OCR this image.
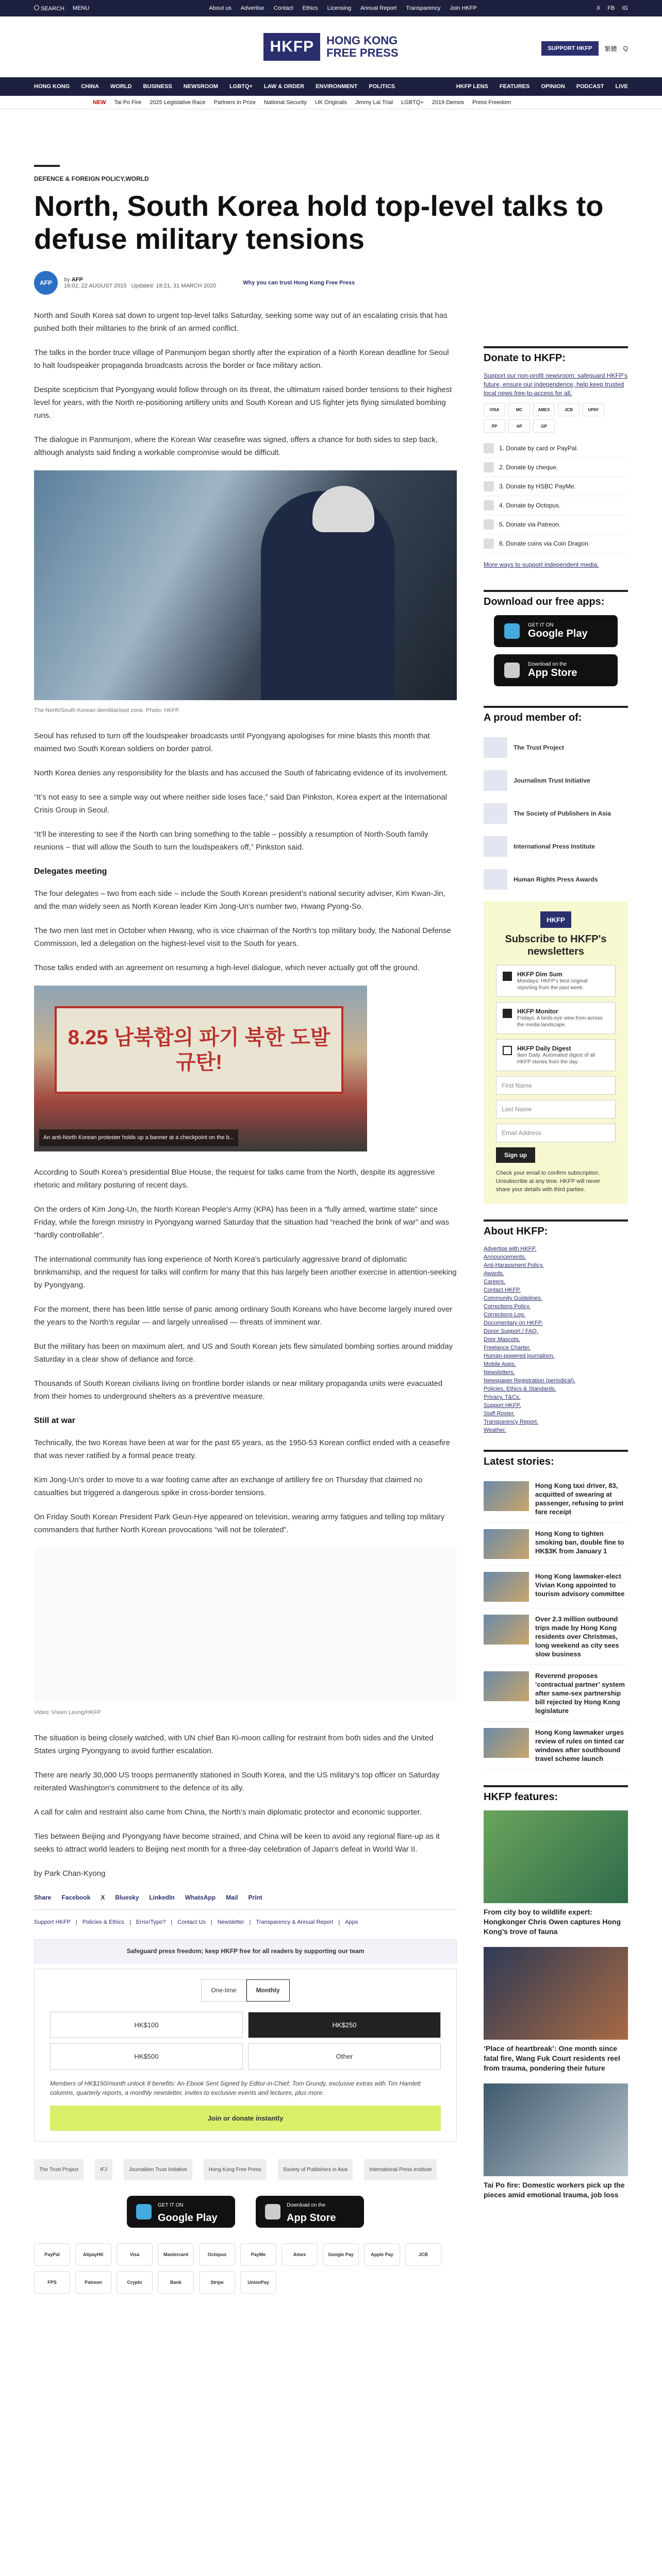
SEARCH MENU	About us Advertise Contact Ethics Licensing Annual Report Transparency Join HKFP	X FB IG
HKFP	HONG KONG
FREE PRESS	SUPPORT HKFP	繁體 Q
HONG KONG CHINA WORLD BUSINESS NEWSROOM LGBTQ+ LAW & ORDER ENVIRONMENT POLITICS	HKFP LENS FEATURES OPINION PODCAST LIVE
NEW Tai Po Fire 2025 Legislative Race Partners in Prize National Security UK Originals Jimmy Lai Trial LGBTQ+ 2019 Demos Press Freedom
DEFENCE & FOREIGN POLICY,WORLD
North, South Korea hold top-level talks to defuse military tensions
AFP	by AFP
16:02, 22 AUGUST 2015 Updated: 18:21, 31 MARCH 2020	Why you can trust Hong Kong Free Press

North and South Korea sat down to urgent top-level talks Saturday, seeking some way out of an escalating crisis that has pushed both their militaries to the brink of an armed conflict.

The talks in the border truce village of Panmunjom began shortly after the expiration of a North Korean deadline for Seoul to halt loudspeaker propaganda broadcasts across the border or face military action.

Despite scepticism that Pyongyang would follow through on its threat, the ultimatum raised border tensions to their highest level for years, with the North re-positioning artillery units and South Korean and US fighter jets flying simulated bombing runs.

The dialogue in Panmunjom, where the Korean War ceasefire was signed, offers a chance for both sides to step back, although analysts said finding a workable compromise would be difficult.

The North/South Korean demilitarised zone. Photo: HKFP.

Seoul has refused to turn off the loudspeaker broadcasts until Pyongyang apologises for mine blasts this month that maimed two South Korean soldiers on border patrol.

North Korea denies any responsibility for the blasts and has accused the South of fabricating evidence of its involvement.

“It’s not easy to see a simple way out where neither side loses face,” said Dan Pinkston, Korea expert at the International Crisis Group in Seoul.

“It’ll be interesting to see if the North can bring something to the table – possibly a resumption of North-South family reunions – that will allow the South to turn the loudspeakers off,” Pinkston said.

Delegates meeting

The four delegates – two from each side – include the South Korean president’s national security adviser, Kim Kwan-Jin, and the man widely seen as North Korean leader Kim Jong-Un’s number two, Hwang Pyong-So.

The two men last met in October when Hwang, who is vice chairman of the North’s top military body, the National Defense Commission, led a delegation on the highest-level visit to the South for years.

Those talks ended with an agreement on resuming a high-level dialogue, which never actually got off the ground.

8.25 남북합의 파기 북한 도발 규탄!
An anti-North Korean protester holds up a banner at a checkpoint on the b...

According to South Korea’s presidential Blue House, the request for talks came from the North, despite its aggressive rhetoric and military posturing of recent days.

On the orders of Kim Jong-Un, the North Korean People’s Army (KPA) has been in a “fully armed, wartime state” since Friday, while the foreign ministry in Pyongyang warned Saturday that the situation had “reached the brink of war” and was “hardly controllable”.

The international community has long experience of North Korea’s particularly aggressive brand of diplomatic brinkmanship, and the request for talks will confirm for many that this has largely been another exercise in attention-seeking by Pyongyang.

For the moment, there has been little sense of panic among ordinary South Koreans who have become largely inured over the years to the North’s regular — and largely unrealised — threats of imminent war.

But the military has been on maximum alert, and US and South Korean jets flew simulated bombing sorties around midday Saturday in a clear show of defiance and force.

Thousands of South Korean civilians living on frontline border islands or near military propaganda units were evacuated from their homes to underground shelters as a preventive measure.

Still at war

Technically, the two Koreas have been at war for the past 65 years, as the 1950-53 Korean conflict ended with a ceasefire that was never ratified by a formal peace treaty.

Kim Jong-Un’s order to move to a war footing came after an exchange of artillery fire on Thursday that claimed no casualties but triggered a dangerous spike in cross-border tensions.

On Friday South Korean President Park Geun-Hye appeared on television, wearing army fatigues and telling top military commanders that further North Korean provocations “will not be tolerated”.

Video: Vivien Leung/HKFP

The situation is being closely watched, with UN chief Ban Ki-moon calling for restraint from both sides and the United States urging Pyongyang to avoid further escalation.

There are nearly 30,000 US troops permanently stationed in South Korea, and the US military’s top officer on Saturday reiterated Washington’s commitment to the defence of its ally.

A call for calm and restraint also came from China, the North’s main diplomatic protector and economic supporter.

Ties between Beijing and Pyongyang have become strained, and China will be keen to avoid any regional flare-up as it seeks to attract world leaders to Beijing next month for a three-day celebration of Japan’s defeat in World War II.

by Park Chan-Kyong

Share Facebook X Bluesky LinkedIn WhatsApp Mail Print
Support HKFP | Policies & Ethics | Error/Typo? | Contact Us | Newsletter | Transparency & Annual Report | Apps
Safeguard press freedom; keep HKFP free for all readers by supporting our team
One-time	Monthly
HK$100	HK$250
HK$500	Other
Members of HK$150/month unlock 8 benefits: An Ebook Sent Signed by Editor-in-Chief; Tom Grundy, exclusive extras with Tim Hamlett columns, quarterly reports, a monthly newsletter, invites to exclusive events and lectures, plus more.
Join or donate instantly
The Trust Project	IFJ	Journalism Trust Initiative	Hong Kong Free Press	Society of Publishers in Asia	International Press Institute
GET IT ON
Google Play
Download on the
App Store
PayPal	AlipayHK	Visa	Mastercard	Octopus	PayMe	Amex	Google Pay	Apple Pay	JCB
FPS	Patreon	Crypto	Bank	Stripe	UnionPay
Donate to HKFP:
Support our non-profit newsroom: safeguard HKFP's future, ensure our independence, help keep trusted local news free-to-access for all.
VISA	MC	AMEX	JCB	UPAY
PP	AP	GP
1. Donate by card or PayPal.
2. Donate by cheque.
3. Donate by HSBC PayMe.
4. Donate by Octopus.
5. Donate via Patreon.
6. Donate coins via Coin Dragon.
More ways to support independent media.
Download our free apps:
GET IT ON
Google Play
Download on the
App Store
A proud member of:
The Trust Project
Journalism Trust Initiative
The Society of Publishers in Asia
International Press Institute
Human Rights Press Awards
HKFP
Subscribe to HKFP's newsletters
HKFP Dim Sum
Mondays: HKFP's best original reporting from the past week.
HKFP Monitor
Fridays: A birds-eye view from across the media landscape.
HKFP Daily Digest
9am Daily: Automated digest of all HKFP stories from the day.
First Name
Last Name
Email Address
Sign up
Check your email to confirm subscription. Unsubscribe at any time. HKFP will never share your details with third parties.
About HKFP:
Advertise with HKFP.
Announcements.
Anti-Harassment Policy.
Awards.
Careers.
Contact HKFP.
Community Guidelines.
Corrections Policy.
Corrections Log.
Documentary on HKFP.
Donor Support / FAQ.
Door Mascots.
Freelance Charter.
Human-powered journalism.
Mobile Apps.
Newsletters.
Newspaper Registration (periodical).
Policies, Ethics & Standards.
Privacy, T&Cs.
Support HKFP.
Staff Roster.
Transparency Report.
Weather.
Latest stories:
Hong Kong taxi driver, 83, acquitted of swearing at passenger, refusing to print fare receipt
Hong Kong to tighten smoking ban, double fine to HK$3K from January 1
Hong Kong lawmaker-elect Vivian Kong appointed to tourism advisory committee
Over 2.3 million outbound trips made by Hong Kong residents over Christmas, long weekend as city sees slow business
Reverend proposes ‘contractual partner’ system after same-sex partnership bill rejected by Hong Kong legislature
Hong Kong lawmaker urges review of rules on tinted car windows after southbound travel scheme launch
HKFP features:
From city boy to wildlife expert: Hongkonger Chris Owen captures Hong Kong’s trove of fauna
‘Place of heartbreak’: One month since fatal fire, Wang Fuk Court residents reel from trauma, pondering their future
Tai Po fire: Domestic workers pick up the pieces amid emotional trauma, job loss
